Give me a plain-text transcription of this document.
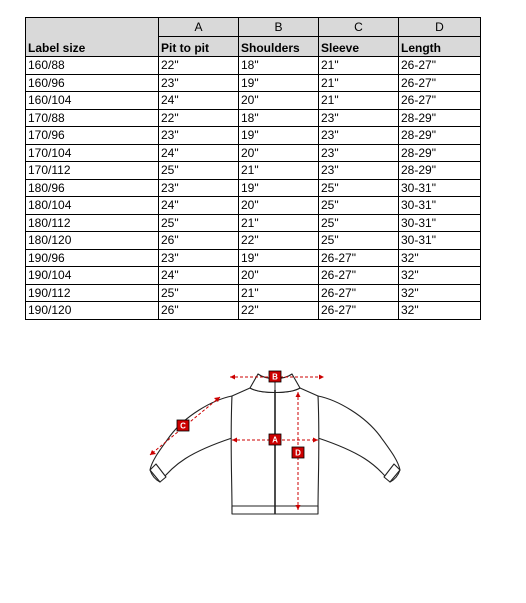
Label size	A	B	C	D
	Pit to pit	Shoulders	Sleeve	Length
160/88	22"	18"	21"	26-27"
160/96	23"	19"	21"	26-27"
160/104	24"	20"	21"	26-27"
170/88	22"	18"	23"	28-29"
170/96	23"	19"	23"	28-29"
170/104	24"	20"	23"	28-29"
170/112	25"	21"	23"	28-29"
180/96	23"	19"	25"	30-31"
180/104	24"	20"	25"	30-31"
180/112	25"	21"	25"	30-31"
180/120	26"	22"	25"	30-31"
190/96	23"	19"	26-27"	32"
190/104	24"	20"	26-27"	32"
190/112	25"	21"	26-27"	32"
190/120	26"	22"	26-27"	32"
B
A
C
D
